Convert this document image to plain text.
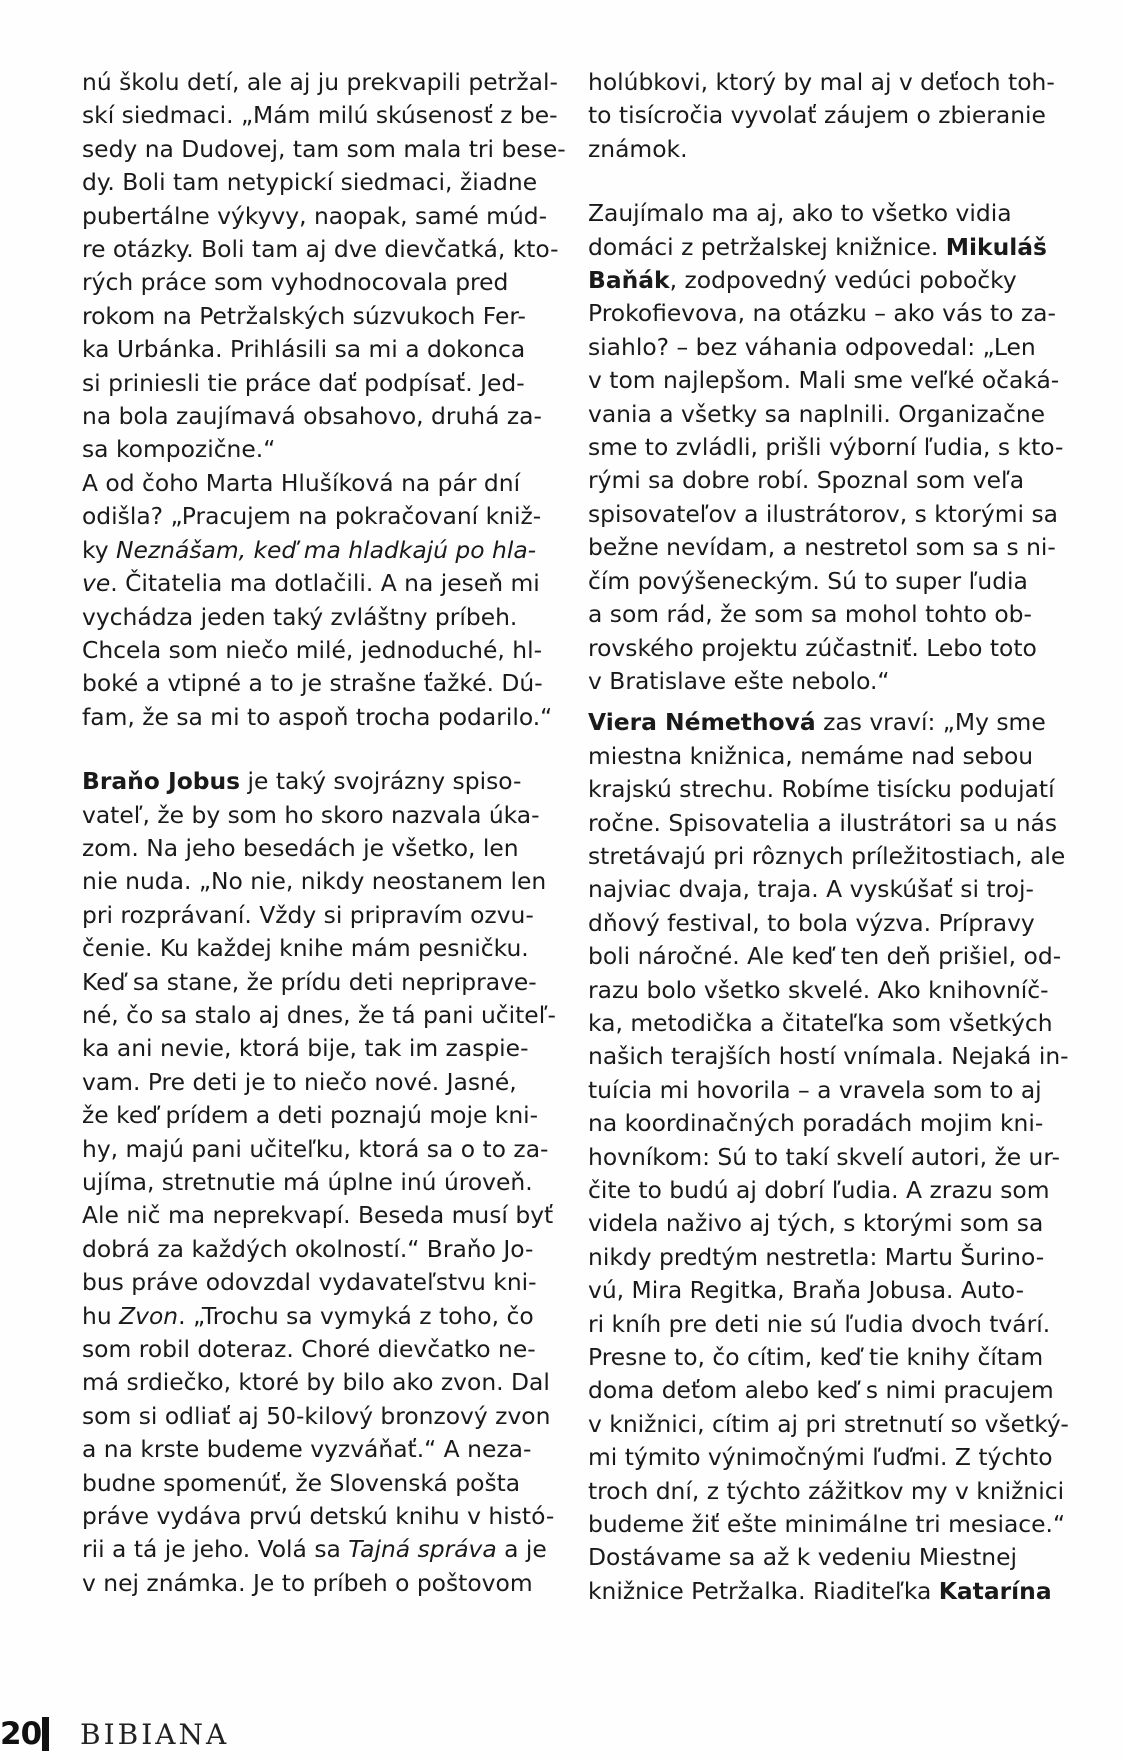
nú školu detí, ale aj ju prekvapili petržal-

skí siedmaci. „Mám milú skúsenosť z be-

sedy na Dudovej, tam som mala tri bese-

dy. Boli tam netypickí siedmaci, žiadne

pubertálne výkyvy, naopak, samé múd-

re otázky. Boli tam aj dve dievčatká, kto-

rých práce som vyhodnocovala pred

rokom na Petržalských súzvukoch Fer-

ka Urbánka. Prihlásili sa mi a dokonca

si priniesli tie práce dať podpísať. Jed-

na bola zaujímavá obsahovo, druhá za-

sa kompozične.“

A od čoho Marta Hlušíková na pár dní

odišla? „Pracujem na pokračovaní kniž-

ky Neznášam, keď ma hladkajú po hla-

ve. Čitatelia ma dotlačili. A na jeseň mi

vychádza jeden taký zvláštny príbeh.

Chcela som niečo milé, jednoduché, hl-

boké a vtipné a to je strašne ťažké. Dú-

fam, že sa mi to aspoň trocha podarilo.“

Braňo Jobus je taký svojrázny spiso-

vateľ, že by som ho skoro nazvala úka-

zom. Na jeho besedách je všetko, len

nie nuda. „No nie, nikdy neostanem len

pri rozprávaní. Vždy si pripravím ozvu-

čenie. Ku každej knihe mám pesničku.

Keď sa stane, že prídu deti nepriprave-

né, čo sa stalo aj dnes, že tá pani učiteľ-

ka ani nevie, ktorá bije, tak im zaspie-

vam. Pre deti je to niečo nové. Jasné,

že keď prídem a deti poznajú moje kni-

hy, majú pani učiteľku, ktorá sa o to za-

ujíma, stretnutie má úplne inú úroveň.

Ale nič ma neprekvapí. Beseda musí byť

dobrá za každých okolností.“ Braňo Jo-

bus práve odovzdal vydavateľstvu kni-

hu Zvon. „Trochu sa vymyká z toho, čo

som robil doteraz. Choré dievčatko ne-

má srdiečko, ktoré by bilo ako zvon. Dal

som si odliať aj 50-kilový bronzový zvon

a na krste budeme vyzváňať.“ A neza-

budne spomenúť, že Slovenská pošta

práve vydáva prvú detskú knihu v histó-

rii a tá je jeho. Volá sa Tajná správa a je

v nej známka. Je to príbeh o poštovom

holúbkovi, ktorý by mal aj v deťoch toh-

to tisícročia vyvolať záujem o zbieranie

známok.

Zaujímalo ma aj, ako to všetko vidia

domáci z petržalskej knižnice. Mikuláš

Baňák, zodpovedný vedúci pobočky

Prokofievova, na otázku – ako vás to za-

siahlo? – bez váhania odpovedal: „Len

v tom najlepšom. Mali sme veľké očaká-

vania a všetky sa naplnili. Organizačne

sme to zvládli, prišli výborní ľudia, s kto-

rými sa dobre robí. Spoznal som veľa

spisovateľov a ilustrátorov, s ktorými sa

bežne nevídam, a nestretol som sa s ni-

čím povýšeneckým. Sú to super ľudia

a som rád, že som sa mohol tohto ob-

rovského projektu zúčastniť. Lebo toto

v Bratislave ešte nebolo.“

Viera Némethová zas vraví: „My sme

miestna knižnica, nemáme nad sebou

krajskú strechu. Robíme tisícku podujatí

ročne. Spisovatelia a ilustrátori sa u nás

stretávajú pri rôznych príležitostiach, ale

najviac dvaja, traja. A vyskúšať si troj-

dňový festival, to bola výzva. Prípravy

boli náročné. Ale keď ten deň prišiel, od-

razu bolo všetko skvelé. Ako knihovníč-

ka, metodička a čitateľka som všetkých

našich terajších hostí vnímala. Nejaká in-

tuícia mi hovorila – a vravela som to aj

na koordinačných poradách mojim kni-

hovníkom: Sú to takí skvelí autori, že ur-

čite to budú aj dobrí ľudia. A zrazu som

videla naživo aj tých, s ktorými som sa

nikdy predtým nestretla: Martu Šurino-

vú, Mira Regitka, Braňa Jobusa. Auto-

ri kníh pre deti nie sú ľudia dvoch tvárí.

Presne to, čo cítim, keď tie knihy čítam

doma deťom alebo keď s nimi pracujem

v knižnici, cítim aj pri stretnutí so všetký-

mi týmito výnimočnými ľuďmi. Z týchto

troch dní, z týchto zážitkov my v knižnici

budeme žiť ešte minimálne tri mesiace.“

Dostávame sa až k vedeniu Miestnej

knižnice Petržalka. Riaditeľka Katarína

20 BIBIANA
